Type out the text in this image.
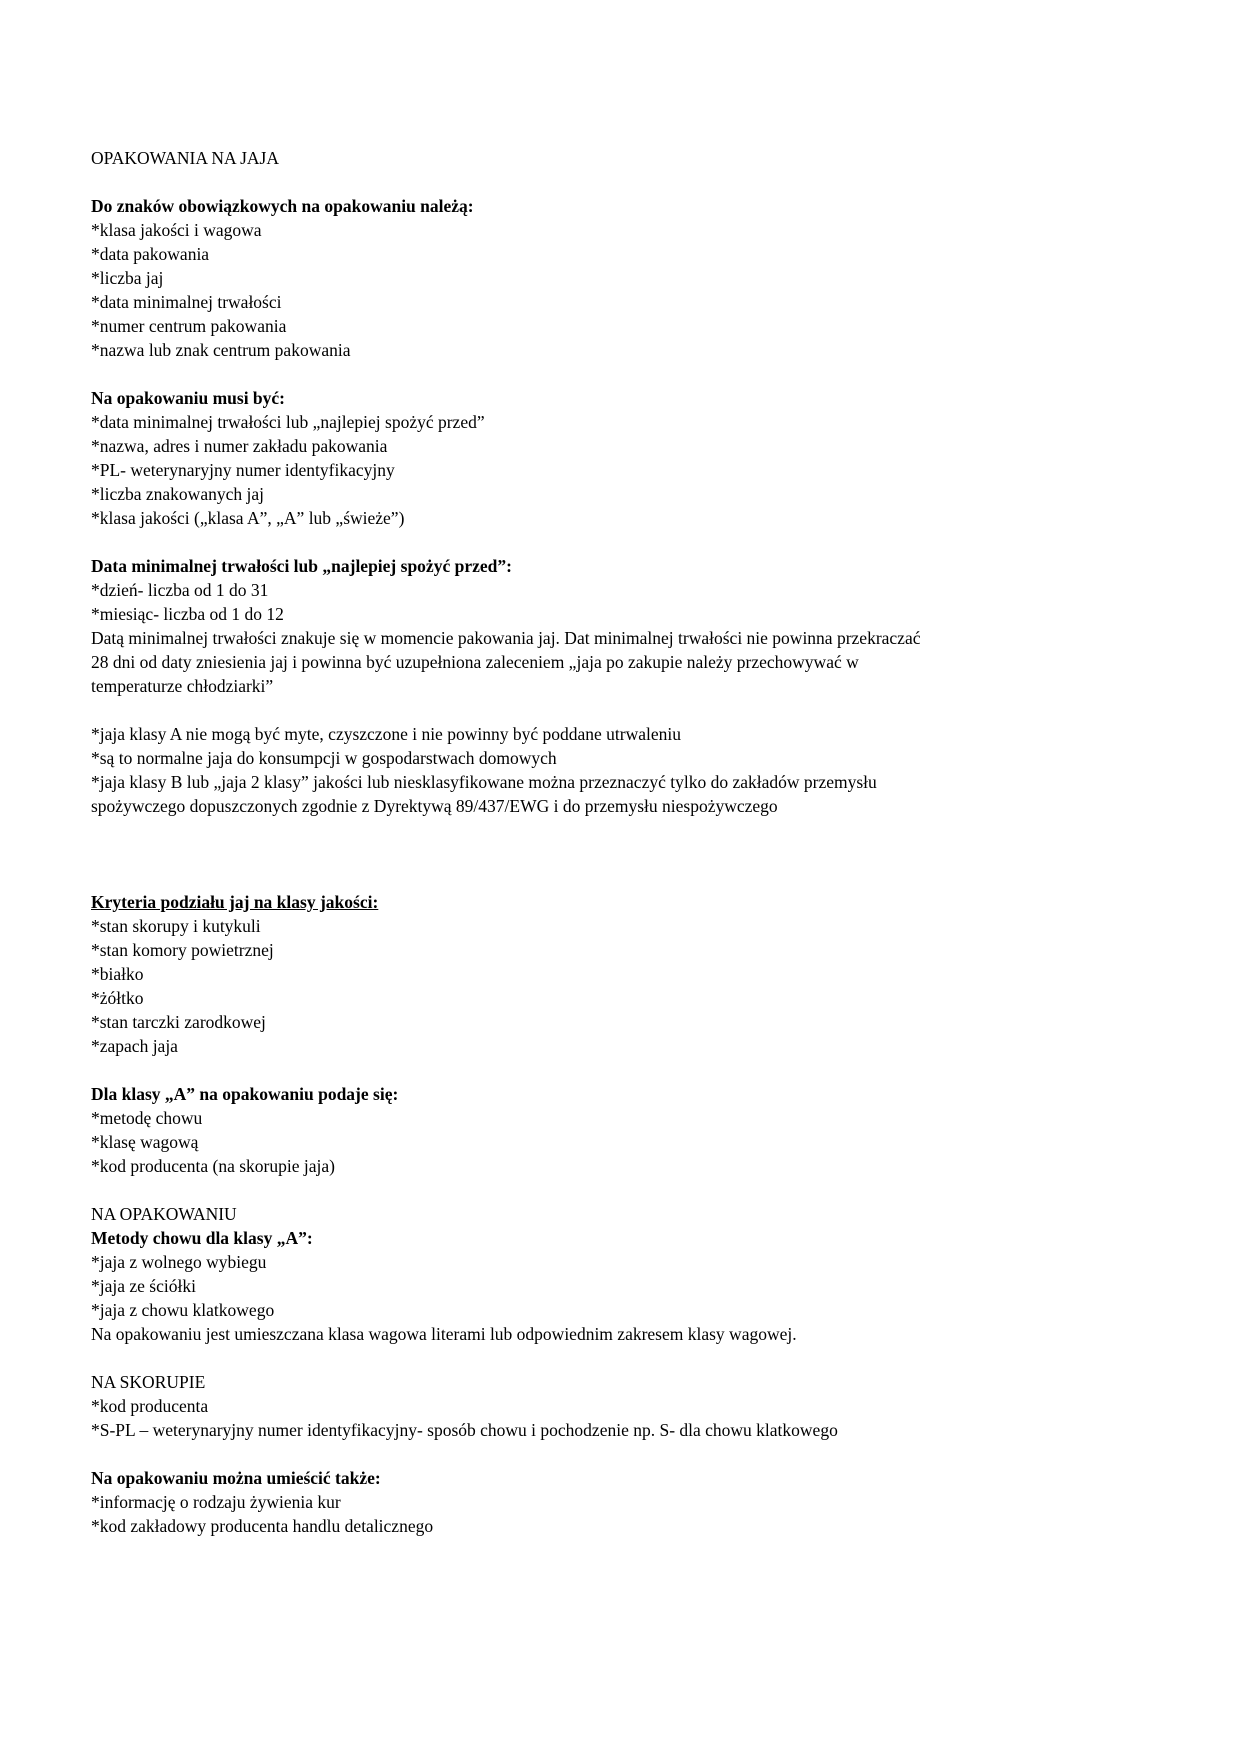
OPAKOWANIA NA JAJA
Do znaków obowiązkowych na opakowaniu należą:
*klasa jakości i wagowa
*data pakowania
*liczba jaj
*data minimalnej trwałości
*numer centrum pakowania
*nazwa lub znak centrum pakowania
Na opakowaniu musi być:
*data minimalnej trwałości lub „najlepiej spożyć przed”
*nazwa, adres i numer zakładu pakowania
*PL- weterynaryjny numer identyfikacyjny
*liczba znakowanych jaj
*klasa jakości („klasa A”, „A” lub „świeże”)
Data minimalnej trwałości lub „najlepiej spożyć przed”:
*dzień- liczba od 1 do 31
*miesiąc- liczba od 1 do 12
Datą minimalnej trwałości znakuje się w momencie pakowania jaj. Dat minimalnej trwałości nie powinna przekraczać
28 dni od daty zniesienia jaj i powinna być uzupełniona zaleceniem „jaja po zakupie należy przechowywać w
temperaturze chłodziarki”
*jaja klasy A nie mogą być myte, czyszczone i nie powinny być poddane utrwaleniu
*są to normalne jaja do konsumpcji w gospodarstwach domowych
*jaja klasy B lub „jaja 2 klasy” jakości lub niesklasyfikowane można przeznaczyć tylko do zakładów przemysłu
spożywczego dopuszczonych zgodnie z Dyrektywą 89/437/EWG i do przemysłu niespożywczego
Kryteria podziału jaj na klasy jakości:
*stan skorupy i kutykuli
*stan komory powietrznej
*białko
*żółtko
*stan tarczki zarodkowej
*zapach jaja
Dla klasy „A” na opakowaniu podaje się:
*metodę chowu
*klasę wagową
*kod producenta (na skorupie jaja)
NA OPAKOWANIU
Metody chowu dla klasy „A”:
*jaja z wolnego wybiegu
*jaja ze ściółki
*jaja z chowu klatkowego
Na opakowaniu jest umieszczana klasa wagowa literami lub odpowiednim zakresem klasy wagowej.
NA SKORUPIE
*kod producenta
*S-PL – weterynaryjny numer identyfikacyjny- sposób chowu i pochodzenie np. S- dla chowu klatkowego
Na opakowaniu można umieścić także:
*informację o rodzaju żywienia kur
*kod zakładowy producenta handlu detalicznego
